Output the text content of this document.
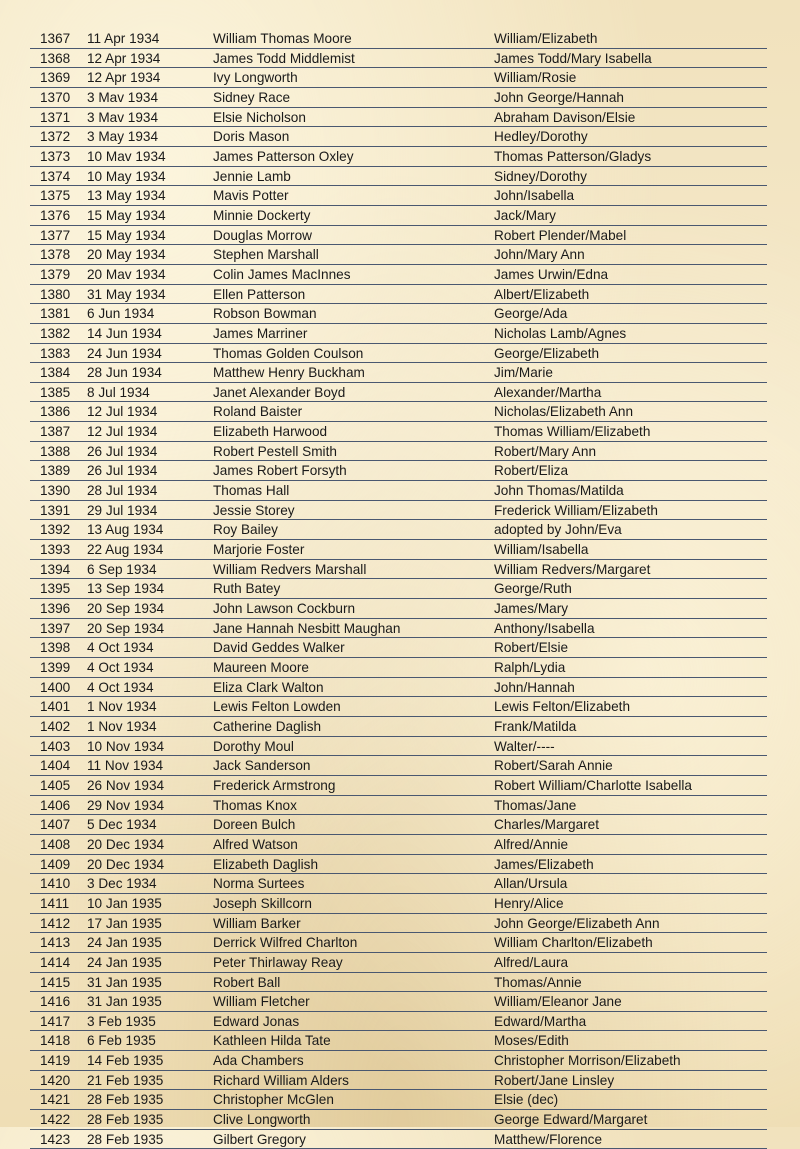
1367 11 Apr 1934	William Thomas Moore	William/Elizabeth
1368 12 Apr 1934	James Todd Middlemist	James Todd/Mary Isabella
1369 12 Apr 1934	Ivy Longworth	William/Rosie
1370 3 Mav 1934	Sidney Race	John George/Hannah
1371 3 Mav 1934	Elsie Nicholson	Abraham Davison/Elsie
1372 3 May 1934	Doris Mason	Hedley/Dorothy
1373 10 Mav 1934	James Patterson Oxley	Thomas Patterson/Gladys
1374 10 May 1934	Jennie Lamb	Sidney/Dorothy
1375 13 May 1934	Mavis Potter	John/Isabella
1376 15 May 1934	Minnie Dockerty	Jack/Mary
1377 15 May 1934	Douglas Morrow	Robert Plender/Mabel
1378 20 May 1934	Stephen Marshall	John/Mary Ann
1379 20 Mav 1934	Colin James MacInnes	James Urwin/Edna
1380 31 May 1934	Ellen Patterson	Albert/Elizabeth
1381 6 Jun 1934	Robson Bowman	George/Ada
1382 14 Jun 1934	James Marriner	Nicholas Lamb/Agnes
1383 24 Jun 1934	Thomas Golden Coulson	George/Elizabeth
1384 28 Jun 1934	Matthew Henry Buckham	Jim/Marie
1385 8 Jul 1934	Janet Alexander Boyd	Alexander/Martha
1386 12 Jul 1934	Roland Baister	Nicholas/Elizabeth Ann
1387 12 Jul 1934	Elizabeth Harwood	Thomas William/Elizabeth
1388 26 Jul 1934	Robert Pestell Smith	Robert/Mary Ann
1389 26 Jul 1934	James Robert Forsyth	Robert/Eliza
1390 28 Jul 1934	Thomas Hall	John Thomas/Matilda
1391 29 Jul 1934	Jessie Storey	Frederick William/Elizabeth
1392 13 Aug 1934	Roy Bailey	adopted by John/Eva
1393 22 Aug 1934	Marjorie Foster	William/Isabella
1394 6 Sep 1934	William Redvers Marshall	William Redvers/Margaret
1395 13 Sep 1934	Ruth Batey	George/Ruth
1396 20 Sep 1934	John Lawson Cockburn	James/Mary
1397 20 Sep 1934	Jane Hannah Nesbitt Maughan	Anthony/Isabella
1398 4 Oct 1934	David Geddes Walker	Robert/Elsie
1399 4 Oct 1934	Maureen Moore	Ralph/Lydia
1400 4 Oct 1934	Eliza Clark Walton	John/Hannah
1401 1 Nov 1934	Lewis Felton Lowden	Lewis Felton/Elizabeth
1402 1 Nov 1934	Catherine Daglish	Frank/Matilda
1403 10 Nov 1934	Dorothy Moul	Walter/----
1404 11 Nov 1934	Jack Sanderson	Robert/Sarah Annie
1405 26 Nov 1934	Frederick Armstrong	Robert William/Charlotte Isabella
1406 29 Nov 1934	Thomas Knox	Thomas/Jane
1407 5 Dec 1934	Doreen Bulch	Charles/Margaret
1408 20 Dec 1934	Alfred Watson	Alfred/Annie
1409 20 Dec 1934	Elizabeth Daglish	James/Elizabeth
1410 3 Dec 1934	Norma Surtees	Allan/Ursula
1411 10 Jan 1935	Joseph Skillcorn	Henry/Alice
1412 17 Jan 1935	William Barker	John George/Elizabeth Ann
1413 24 Jan 1935	Derrick Wilfred Charlton	William Charlton/Elizabeth
1414 24 Jan 1935	Peter Thirlaway Reay	Alfred/Laura
1415 31 Jan 1935	Robert Ball	Thomas/Annie
1416 31 Jan 1935	William Fletcher	William/Eleanor Jane
1417 3 Feb 1935	Edward Jonas	Edward/Martha
1418 6 Feb 1935	Kathleen Hilda Tate	Moses/Edith
1419 14 Feb 1935	Ada Chambers	Christopher Morrison/Elizabeth
1420 21 Feb 1935	Richard William Alders	Robert/Jane Linsley
1421 28 Feb 1935	Christopher McGlen	Elsie (dec)
1422 28 Feb 1935	Clive Longworth	George Edward/Margaret
1423 28 Feb 1935	Gilbert Gregory	Matthew/Florence
